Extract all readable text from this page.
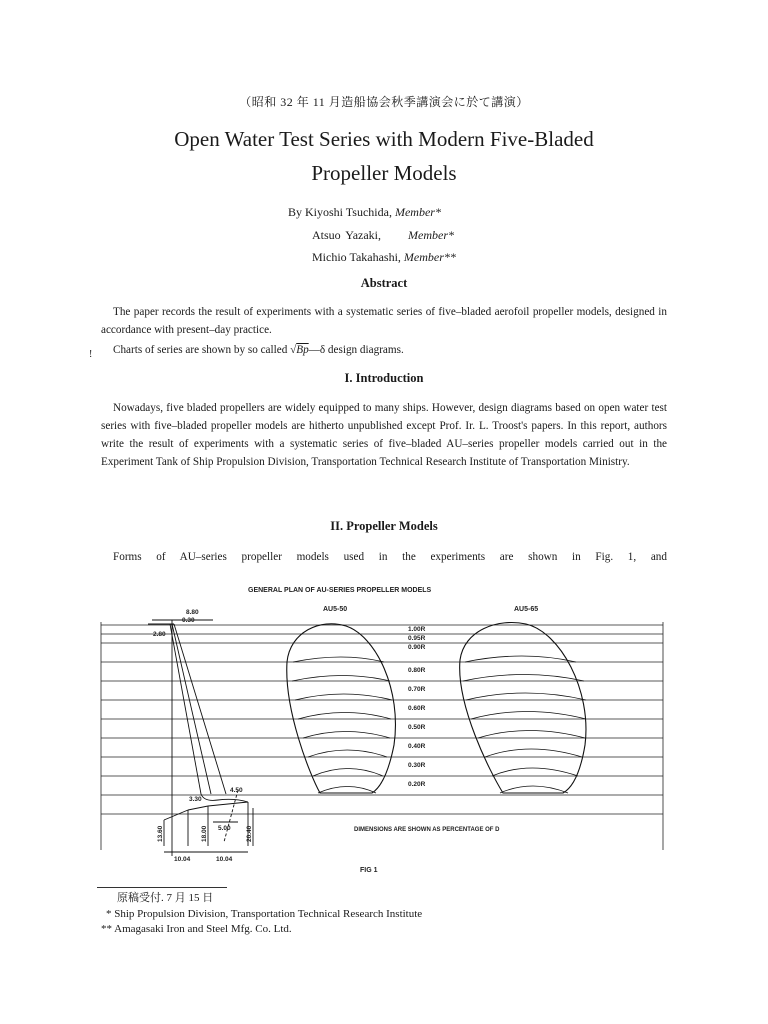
（昭和 32 年 11 月造船協会秋季講演会に於て講演）
Open Water Test Series with Modern Five-Bladed
Propeller Models
By Kiyoshi Tsuchida, Member*
Atsuo Yazaki, Member*
Michio Takahashi, Member**
Abstract
The paper records the result of experiments with a systematic series of five–bladed aerofoil propeller models, designed in accordance with present–day practice.
!	Charts of series are shown by so called √Bp—δ design diagrams.
I. Introduction
Nowadays, five bladed propellers are widely equipped to many ships. However, design diagrams based on open water test series with five–bladed propeller models are hitherto unpublished except Prof. Ir. L. Troost's papers. In this report, authors write the result of experiments with a systematic series of five–bladed AU–series propeller models carried out in the Experiment Tank of Ship Propulsion Division, Transportation Technical Research Institute of Transportation Ministry.
II. Propeller Models
Forms of AU–series propeller models used in the experiments are shown in Fig. 1, and
GENERAL PLAN OF AU-SERIES PROPELLER MODELS
AU5-50	AU5-65
1.00R
0.95R
0.90R
0.80R
0.70R
0.60R
0.50R
0.40R
0.30R
0.20R
8.80
0.30
2.80
3.30
4.50
5.00
10.04	10.04
13.60	18.00	20.40	DIMENSIONS ARE SHOWN AS PERCENTAGE OF D
FIG 1
原稿受付. 7 月 15 日
* Ship Propulsion Division, Transportation Technical Research Institute
** Amagasaki Iron and Steel Mfg. Co. Ltd.
